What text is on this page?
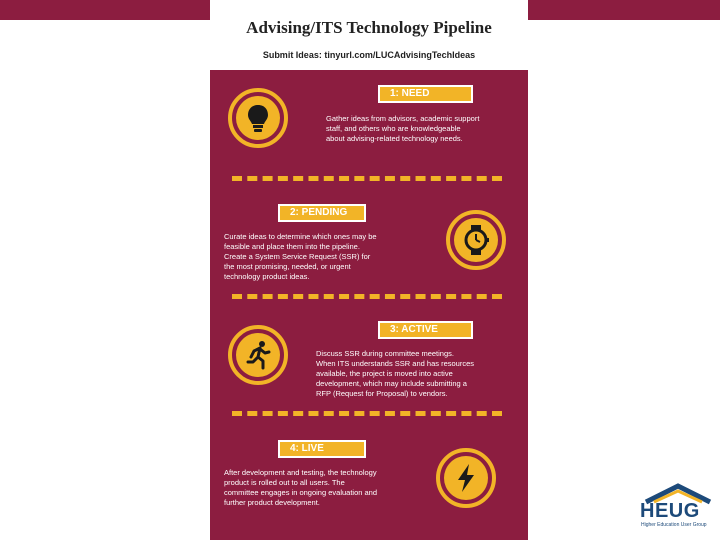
Advising/ITS Technology Pipeline
Submit Ideas: tinyurl.com/LUCAdvisingTechIdeas
1: NEED
Gather ideas from advisors, academic support
staff, and others who are knowledgeable
about advising-related technology needs.
2: PENDING
Curate ideas to determine which ones may be
feasible and place them into the pipeline.
Create a System Service Request (SSR) for
the most promising, needed, or urgent
technology product ideas.
3: ACTIVE
Discuss SSR during committee meetings.
When ITS understands SSR and has resources
available, the project is moved into active
development, which may include submitting a
RFP (Request for Proposal) to vendors.
4: LIVE
After development and testing, the technology
product is rolled out to all users. The
committee engages in ongoing evaluation and
further product development.	HEUG
Higher Education User Group
